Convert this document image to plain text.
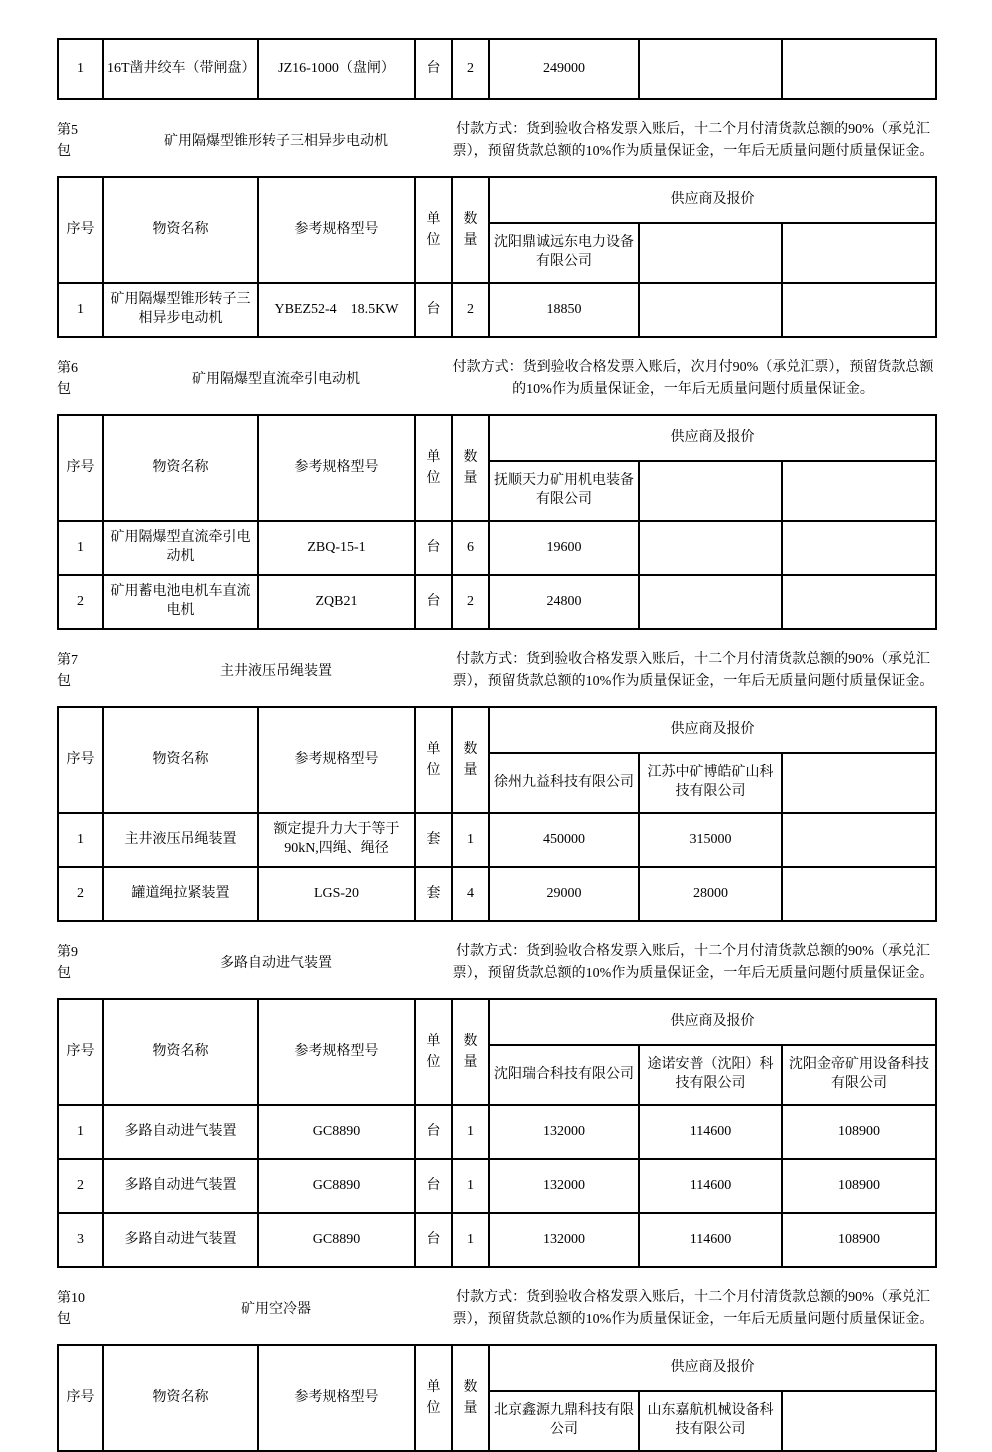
1	16T凿井绞车（带闸盘）	JZ16-1000（盘闸）	台	2	249000		
第5包
矿用隔爆型锥形转子三相异步电动机
付款方式：货到验收合格发票入账后，十二个月付清货款总额的90%（承兑汇票），预留货款总额的10%作为质量保证金，一年后无质量问题付质量保证金。
序号	物资名称	参考规格型号	单位	数量	供应商及报价		
					沈阳鼎诚远东电力设备有限公司		
1	矿用隔爆型锥形转子三相异步电动机	YBEZ52-4　18.5KW	台	2	18850		
第6包
矿用隔爆型直流牵引电动机
付款方式：货到验收合格发票入账后，次月付90%（承兑汇票），预留货款总额的10%作为质量保证金，一年后无质量问题付质量保证金。
序号	物资名称	参考规格型号	单位	数量	供应商及报价		
					抚顺天力矿用机电装备有限公司		
1	矿用隔爆型直流牵引电动机	ZBQ-15-1	台	6	19600		
2	矿用蓄电池电机车直流电机	ZQB21	台	2	24800		
第7包
主井液压吊绳装置
付款方式：货到验收合格发票入账后，十二个月付清货款总额的90%（承兑汇票），预留货款总额的10%作为质量保证金，一年后无质量问题付质量保证金。
序号	物资名称	参考规格型号	单位	数量	供应商及报价		
					徐州九益科技有限公司	江苏中矿博皓矿山科技有限公司	
1	主井液压吊绳装置	额定提升力大于等于90kN,四绳、绳径	套	1	450000	315000	
2	罐道绳拉紧装置	LGS-20	套	4	29000	28000	
第9包
多路自动进气装置
付款方式：货到验收合格发票入账后，十二个月付清货款总额的90%（承兑汇票），预留货款总额的10%作为质量保证金，一年后无质量问题付质量保证金。
序号	物资名称	参考规格型号	单位	数量	供应商及报价		
					沈阳瑞合科技有限公司	途诺安普（沈阳）科技有限公司	沈阳金帝矿用设备科技有限公司
1	多路自动进气装置	GC8890	台	1	132000	114600	108900
2	多路自动进气装置	GC8890	台	1	132000	114600	108900
3	多路自动进气装置	GC8890	台	1	132000	114600	108900
第10包
矿用空冷器
付款方式：货到验收合格发票入账后，十二个月付清货款总额的90%（承兑汇票），预留货款总额的10%作为质量保证金，一年后无质量问题付质量保证金。
序号	物资名称	参考规格型号	单位	数量	供应商及报价		
					北京鑫源九鼎科技有限公司	山东嘉航机械设备科技有限公司	
